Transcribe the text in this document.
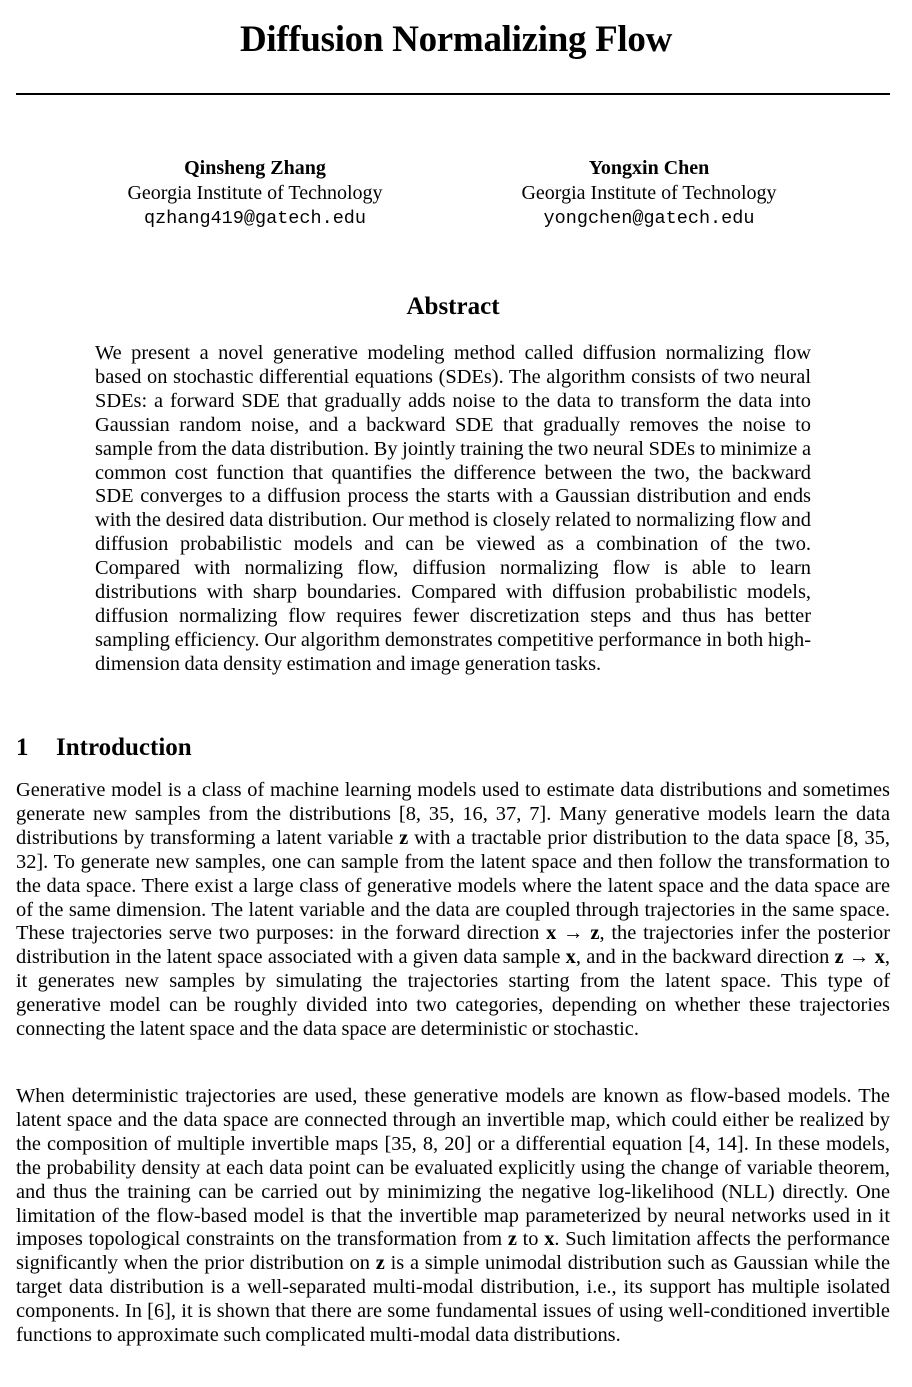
Diffusion Normalizing Flow
Qinsheng Zhang
Georgia Institute of Technology
qzhang419@gatech.edu
Yongxin Chen
Georgia Institute of Technology
yongchen@gatech.edu
Abstract

We present a novel generative modeling method called diffusion normalizing flow based on stochastic differential equations (SDEs). The algorithm consists of two neural SDEs: a forward SDE that gradually adds noise to the data to transform the data into Gaussian random noise, and a backward SDE that gradually removes the noise to sample from the data distribution. By jointly training the two neural SDEs to minimize a common cost function that quantifies the difference between the two, the backward SDE converges to a diffusion process the starts with a Gaussian distribution and ends with the desired data distribution. Our method is closely related to normalizing flow and diffusion probabilistic models and can be viewed as a combination of the two. Compared with normalizing flow, diffusion normalizing flow is able to learn distributions with sharp boundaries. Compared with diffusion probabilistic models, diffusion normalizing flow requires fewer discretization steps and thus has better sampling efficiency. Our algorithm demonstrates competitive performance in both high-dimension data density estimation and image generation tasks.

1 Introduction

Generative model is a class of machine learning models used to estimate data distributions and sometimes generate new samples from the distributions [8, 35, 16, 37, 7]. Many generative models learn the data distributions by transforming a latent variable z with a tractable prior distribution to the data space [8, 35, 32]. To generate new samples, one can sample from the latent space and then follow the transformation to the data space. There exist a large class of generative models where the latent space and the data space are of the same dimension. The latent variable and the data are coupled through trajectories in the same space. These trajectories serve two purposes: in the forward direction x → z, the trajectories infer the posterior distribution in the latent space associated with a given data sample x, and in the backward direction z → x, it generates new samples by simulating the trajectories starting from the latent space. This type of generative model can be roughly divided into two categories, depending on whether these trajectories connecting the latent space and the data space are deterministic or stochastic.

When deterministic trajectories are used, these generative models are known as flow-based models. The latent space and the data space are connected through an invertible map, which could either be realized by the composition of multiple invertible maps [35, 8, 20] or a differential equation [4, 14]. In these models, the probability density at each data point can be evaluated explicitly using the change of variable theorem, and thus the training can be carried out by minimizing the negative log-likelihood (NLL) directly. One limitation of the flow-based model is that the invertible map parameterized by neural networks used in it imposes topological constraints on the transformation from z to x. Such limitation affects the performance significantly when the prior distribution on z is a simple unimodal distribution such as Gaussian while the target data distribution is a well-separated multi-modal distribution, i.e., its support has multiple isolated components. In [6], it is shown that there are some fundamental issues of using well-conditioned invertible functions to approximate such complicated multi-modal data distributions.
